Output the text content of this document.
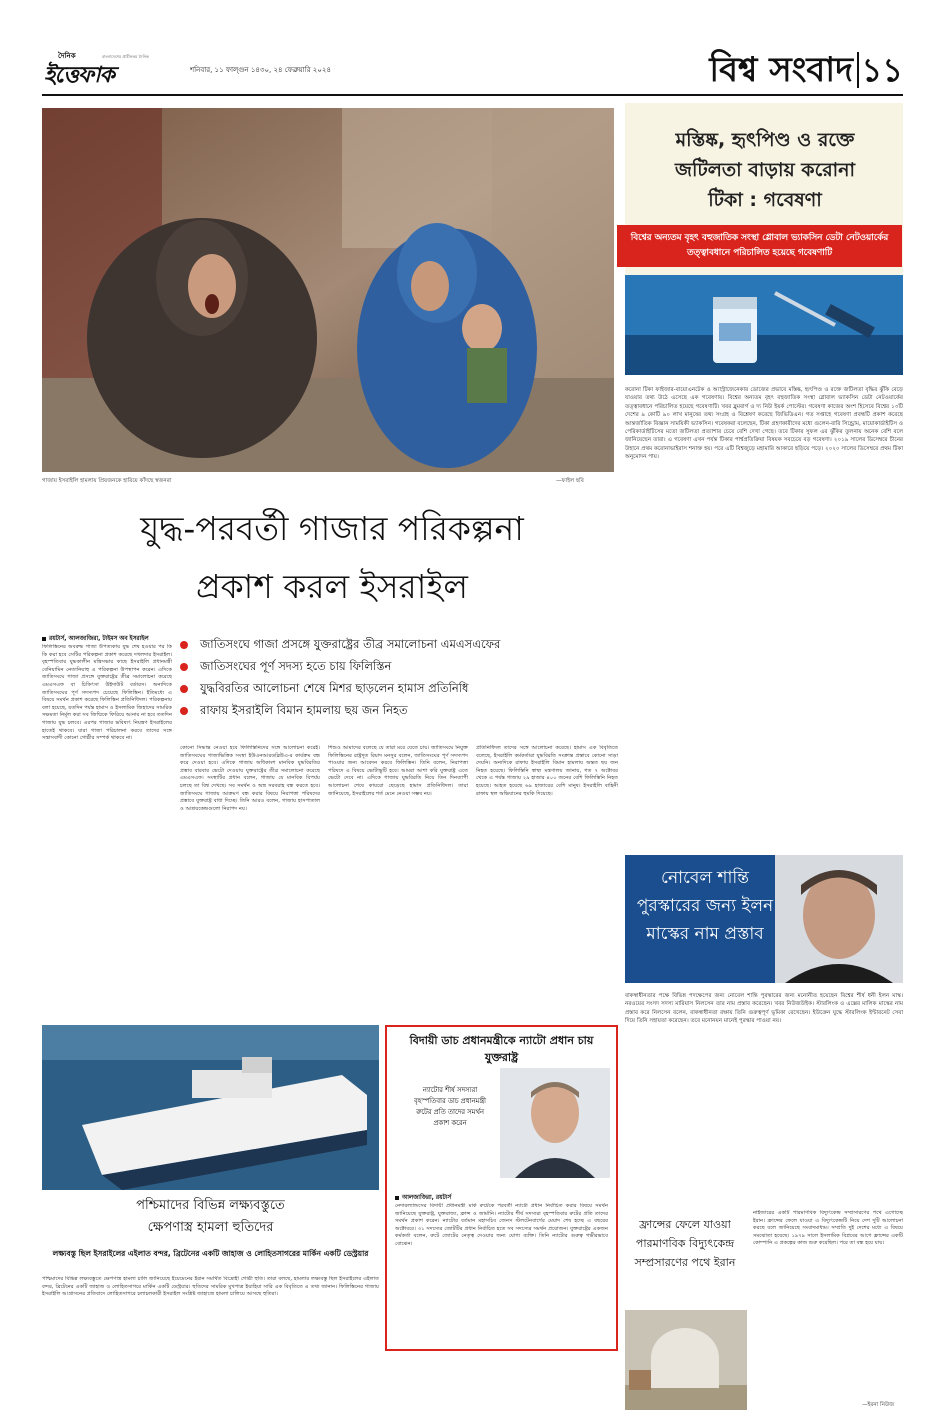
দৈনিক	বাংলাদেশের প্রাচীনতম দৈনিক
ইত্তেফাক	শনিবার, ১১ ফাল্গুন ১৪৩০, ২৪ ফেব্রুয়ারি ২০২৪	বিশ্ব সংবাদ ১১
গাজায় ইসরাইলি হামলায় প্রিয়জনকে হারিয়ে কাঁদছে স্বজনরা	—ফাইল ছবি
মস্তিষ্ক, হৃৎপিণ্ড ও রক্তে
জটিলতা বাড়ায় করোনা
টিকা : গবেষণা
বিশ্বের অন্যতম বৃহৎ বহুজাতিক সংস্থা গ্লোবাল ভ্যাকসিন ডেটা নেটওয়ার্কের তত্ত্বাবধানে পরিচালিত হয়েছে গবেষণাটি
করোনা টিকা ফাইজার-বায়োএনটেক ও অ্যাস্ট্রাজেনেকার ডোজের প্রভাবে মস্তিষ্ক, হৃৎপিণ্ড ও রক্তে জটিলতা বৃদ্ধির ঝুঁকি বেড়ে যাওয়ার তথ্য উঠে এসেছে এক গবেষণায়। বিশ্বের অন্যতম বৃহৎ বহুজাতিক সংস্থা গ্লোবাল ভ্যাকসিন ডেটা নেটওয়ার্কের তত্ত্বাবধানে পরিচালিত হয়েছে গবেষণাটি। খবর ব্লুমবার্গ ও দ্য নিউ ইয়র্ক পোস্টের। গবেষণা কাজের অংশ হিসেবে বিশ্বের ১৩টি দেশের ৯ কোটি ৯০ লাখ মানুষের তথ্য সংগ্রহ ও বিশ্লেষণ করেছে জিভিডিএন। গত সপ্তাহে গবেষণা প্রবন্ধটি প্রকাশ করেছে আন্তর্জাতিক বিজ্ঞান সাময়িকী ভ্যাকসিন। গবেষকরা বলেছেন, টিকা গ্রহণকারীদের মধ্যে গুলেন-বারি সিন্ড্রোম, মায়োকার্ডাইটিস ও পেরিকার্ডাইটিসের মতো জটিলতা প্রত্যাশার চেয়ে বেশি দেখা গেছে। তবে টিকার সুফল এর ঝুঁকির তুলনায় অনেক বেশি বলে জানিয়েছেন তারা। এ গবেষণা এখন পর্যন্ত টিকার পার্শ্বপ্রতিক্রিয়া বিষয়ক সবচেয়ে বড় গবেষণা। ২০১৯ সালের ডিসেম্বরে চীনের উহানে প্রথম করোনাভাইরাস শনাক্ত হয়। পরে এটি বিশ্বজুড়ে মহামারি আকারে ছড়িয়ে পড়ে। ২০২০ সালের ডিসেম্বরে প্রথম টিকা অনুমোদন পায়।
যুদ্ধ-পরবর্তী গাজার পরিকল্পনা
প্রকাশ করল ইসরাইল
জাতিসংঘে গাজা প্রসঙ্গে যুক্তরাষ্ট্রের তীব্র সমালোচনা এমএসএফের
জাতিসংঘের পূর্ণ সদস্য হতে চায় ফিলিস্তিন
যুদ্ধবিরতির আলোচনা শেষে মিশর ছাড়লেন হামাস প্রতিনিধি
রাফায় ইসরাইলি বিমান হামলায় ছয় জন নিহত
রয়টার্স, আলজাজিরা, টাইমস অব ইসরাইল
ফিলিস্তিনের অবরুদ্ধ গাজা উপত্যকায় যুদ্ধ শেষ হওয়ার পর কি কি করা হবে সেটির পরিকল্পনা প্রকাশ করেছে দখলদার ইসরাইল। বৃহস্পতিবার যুদ্ধকালীন মন্ত্রিসভার কাছে ইসরাইলি প্রধানমন্ত্রী বেনিয়ামিন নেতানিয়াহু এ পরিকল্পনা উপস্থাপন করেন। এদিকে জাতিসংঘে গাজা প্রসঙ্গে যুক্তরাষ্ট্রের তীব্র সমালোচনা করেছে এমএসএফ বা চিকিৎসা উইদাউট বর্ডারস। অন্যদিকে জাতিসংঘের পূর্ণ সদস্যপদ চেয়েছে ফিলিস্তিন। ইতিমধ্যে এ বিষয়ে সমর্থন প্রকাশ করেছে ফিলিস্তিন প্রতিনিধিদল। পরিকল্পনায় বলা হয়েছে, যতদিন পর্যন্ত হামাস ও ইসলামিক জিহাদের সামরিক সক্ষমতা নির্মূল করা সব জিম্মিকে ফিরিয়ে আনার না হবে ততদিন গাজায় যুদ্ধ চলবে। এরপর গাজার ভবিষ্যৎ নিয়ন্ত্রণ ইসরাইলের হাতেই থাকবে। যারা গাজা পরিচালনা করবে তাদের সঙ্গে সন্ত্রাসবাদী কোনো গোষ্ঠীর সম্পর্ক থাকবে না।
কোনো সিদ্ধান্ত নেওয়া হবে ফিলিস্তিনিদের সঙ্গে আলোচনা করেই। জাতিসংঘের গাজাভিত্তিক সংস্থা ইউএনআরডব্লিউএ-র কার্যক্রম বন্ধ করে দেওয়া হবে। এদিকে গাজায় অধিকাংশ মানবিক যুদ্ধবিরতির প্রস্তাব বারবার ভেটো দেওয়ায় যুক্তরাষ্ট্রের তীব্র সমালোচনা করেছে এমএসএফ। সংস্থাটির প্রধান বলেন, গাজায় যে মানবিক বিপর্যয় চলছে তা বিশ্ব দেখছে। সব সমর্থন ও অস্ত্র সরবরাহ বন্ধ করতে হবে। জাতিসংঘে গাজায় আক্রমণ বন্ধ করার বিষয়ে নিরাপত্তা পরিষদের প্রস্তাবে যুক্তরাষ্ট্র বাধা দিচ্ছে। তিনি আরও বলেন, গাজায় হাসপাতাল ও আশ্রয়কেন্দ্রগুলো নিরাপদ নয়।
শিশুও আমাদের বলেছে যে তারা মরে যেতে চায়। জাতিসংঘে নিযুক্ত ফিলিস্তিনের রাষ্ট্রদূত রিয়াদ মনসুর বলেন, জাতিসংঘের পূর্ণ সদস্যপদ পাওয়ার জন্য আবেদন করবে ফিলিস্তিন। তিনি বলেন, নিরাপত্তা পরিষদে এ বিষয়ে ভোটাভুটি হবে। আমরা আশা করি যুক্তরাষ্ট্র এতে ভেটো দেবে না। এদিকে গাজায় যুদ্ধবিরতি নিয়ে তিন দিনব্যাপী আলোচনা শেষে কায়রো ছেড়েছে হামাস প্রতিনিধিদল। তারা জানিয়েছে, ইসরাইলের শর্ত মেনে নেওয়া সম্ভব নয়।
প্রতিনিধিদল তাদের সঙ্গে আলোচনা করেছে। হামাস এক বিবৃতিতে বলেছে, ইসরাইলি কর্মকর্তারা যুদ্ধবিরতি সংক্রান্ত প্রস্তাবে কোনো সাড়া দেয়নি। অন্যদিকে রাফায় ইসরাইলি বিমান হামলায় অন্তত ছয় জন নিহত হয়েছে। ফিলিস্তিনি স্বাস্থ্য মন্ত্রণালয় জানায়, গত ৭ অক্টোবর থেকে এ পর্যন্ত গাজায় ২৯ হাজার ৪০০ জনের বেশি ফিলিস্তিনি নিহত হয়েছে। আহত হয়েছে ৬৯ হাজারের বেশি মানুষ। ইসরাইলি বাহিনী রাফায় স্থল অভিযানের হুমকি দিয়েছে।
নোবেল শান্তি পুরস্কারের জন্য ইলন মাস্কের নাম প্রস্তাব
বাকস্বাধীনতার পক্ষে বিভিন্ন পদক্ষেপের জন্য নোবেল শান্তি পুরস্কারের জন্য মনোনীত হয়েছেন বিশ্বের শীর্ষ ধনী ইলন মাস্ক। নরওয়ের সংসদ সদস্য মারিয়াস নিলসেন তার নাম প্রস্তাব করেছেন। খবর নিউজউইক। স্টারলিংক ও এক্সের মালিক মাস্কের নাম প্রস্তাব করে নিলসেন বলেন, বাকস্বাধীনতা রক্ষায় তিনি গুরুত্বপূর্ণ ভূমিকা রেখেছেন। ইউক্রেন যুদ্ধে স্টারলিংক ইন্টারনেট সেবা দিয়ে তিনি সহায়তা করেছেন। তবে মনোনয়ন মানেই পুরস্কার পাওয়া নয়।
পশ্চিমাদের বিভিন্ন লক্ষ্যবস্তুতে
ক্ষেপণাস্ত্র হামলা হুতিদের
লক্ষ্যবস্তু ছিল ইসরাইলের এইলাত বন্দর, ব্রিটেনের একটি জাহাজ ও লোহিতসাগরের মার্কিন একটি ডেস্ট্রয়ার
পশ্চিমাদের বিভিন্ন লক্ষ্যবস্তুতে ক্ষেপণাস্ত্র হামলা চালি জানিয়েছে ইয়েমেনের ইরান সমর্থিত বিদ্রোহী গোষ্ঠী হুতি। তারা বলছে, হামলার লক্ষ্যবস্তু ছিল ইসরাইলের এইলাত বন্দর, ব্রিটেনের একটি জাহাজ ও লোহিতসাগরে মার্কিন একটি ডেস্ট্রয়ার। হুতিদের সামরিক মুখপাত্র ইয়াহিয়া সারি এক বিবৃতিতে এ তথ্য জানান। ফিলিস্তিনের গাজায় ইসরাইলি আগ্রাসনের প্রতিবাদে লোহিতসাগরে চলাচলকারী ইসরাইল সংশ্লিষ্ট জাহাজে হামলা চালিয়ে আসছে হুতিরা।
বিদায়ী ডাচ প্রধানমন্ত্রীকে ন্যাটো প্রধান চায় যুক্তরাষ্ট্র
ন্যাটোর শীর্ষ সদস্যরা বৃহস্পতিবার ডাচ প্রধানমন্ত্রী রুটের প্রতি তাদের সমর্থন প্রকাশ করেন
আলজাজিরা, রয়টার্স
নেদারল্যান্ডসের বিদায়ী প্রধানমন্ত্রী মার্ক রুটেকে পরবর্তী ন্যাটো প্রধান নির্বাচিত করার বিষয়ে সমর্থন জানিয়েছে যুক্তরাষ্ট্র, যুক্তরাজ্য, ফ্রান্স ও জার্মানি। ন্যাটোর শীর্ষ সদস্যরা বৃহস্পতিবার রুটের প্রতি তাদের সমর্থন প্রকাশ করেন। ন্যাটোর বর্তমান মহাসচিব জেনস স্টলটেনবার্গের মেয়াদ শেষ হচ্ছে এ বছরের অক্টোবরে। ৩১ সদস্যের জোটটির প্রধান নির্বাচিত হতে সব সদস্যের সমর্থন প্রয়োজন। যুক্তরাষ্ট্রের একজন কর্মকর্তা বলেন, রুটে জোটের নেতৃত্ব দেওয়ার জন্য যোগ্য ব্যক্তি। তিনি ন্যাটোর গুরুত্ব গভীরভাবে বোঝেন।
ফ্রান্সের ফেলে যাওয়া পারমাণবিক বিদ্যুৎকেন্দ্র সম্প্রসারণের পথে ইরান
নাইজারের একটি পারমাণবিক বিদ্যুৎকেন্দ্র সম্প্রসারণের পথে এগোচ্ছে ইরান। ফ্রান্সের ফেলে যাওয়া এ বিদ্যুৎকেন্দ্রটি নিয়ে দেশ দুটি আলোচনা করছে বলে জানিয়েছে সংবাদমাধ্যম। সম্প্রতি দুই দেশের মধ্যে এ বিষয়ে সমঝোতা হয়েছে। ১৯৭৯ সালে ইসলামিক বিপ্লবের আগে ফ্রান্সের একটি কোম্পানি এ প্রকল্পের কাজ শুরু করেছিল। পরে তা বন্ধ হয়ে যায়।
—ইরনা নিউজ
